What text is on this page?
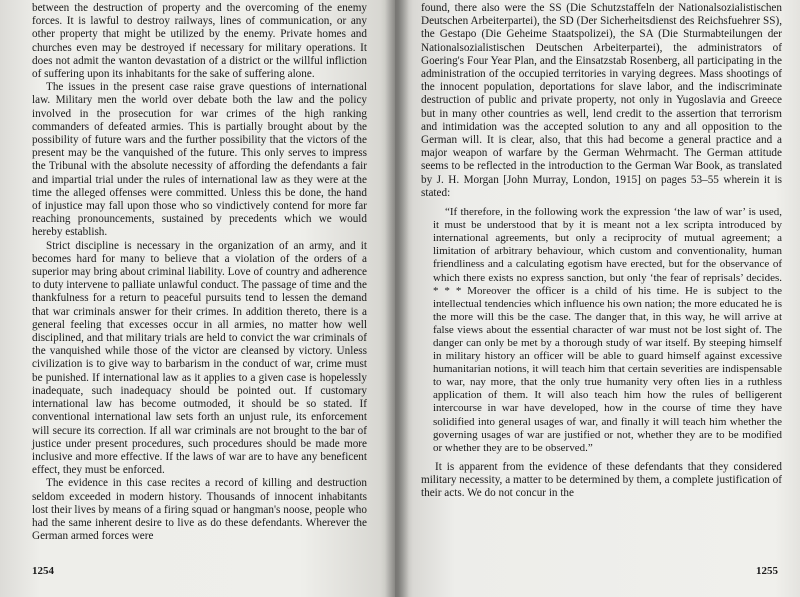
between the destruction of property and the overcoming of the enemy forces. It is lawful to destroy railways, lines of communication, or any other property that might be utilized by the enemy. Private homes and churches even may be destroyed if necessary for military operations. It does not admit the wanton devastation of a district or the willful infliction of suffering upon its inhabitants for the sake of suffering alone.

The issues in the present case raise grave questions of international law. Military men the world over debate both the law and the policy involved in the prosecution for war crimes of the high ranking commanders of defeated armies. This is partially brought about by the possibility of future wars and the further possibility that the victors of the present may be the vanquished of the future. This only serves to impress the Tribunal with the absolute necessity of affording the defendants a fair and impartial trial under the rules of international law as they were at the time the alleged offenses were committed. Unless this be done, the hand of injustice may fall upon those who so vindictively contend for more far reaching pronouncements, sustained by precedents which we would hereby establish.

Strict discipline is necessary in the organization of an army, and it becomes hard for many to believe that a violation of the orders of a superior may bring about criminal liability. Love of country and adherence to duty intervene to palliate unlawful conduct. The passage of time and the thankfulness for a return to peaceful pursuits tend to lessen the demand that war criminals answer for their crimes. In addition thereto, there is a general feeling that excesses occur in all armies, no matter how well disciplined, and that military trials are held to convict the war criminals of the vanquished while those of the victor are cleansed by victory. Unless civilization is to give way to barbarism in the conduct of war, crime must be punished. If international law as it applies to a given case is hopelessly inadequate, such inadequacy should be pointed out. If customary international law has become outmoded, it should be so stated. If conventional international law sets forth an unjust rule, its enforcement will secure its correction. If all war criminals are not brought to the bar of justice under present procedures, such procedures should be made more inclusive and more effective. If the laws of war are to have any beneficent effect, they must be enforced.

The evidence in this case recites a record of killing and destruction seldom exceeded in modern history. Thousands of innocent inhabitants lost their lives by means of a firing squad or hangman's noose, people who had the same inherent desire to live as do these defendants. Wherever the German armed forces were

1254

found, there also were the SS (Die Schutzstaffeln der Nationalsozialistischen Deutschen Arbeiterpartei), the SD (Der Sicherheitsdienst des Reichsfuehrer SS), the Gestapo (Die Geheime Staatspolizei), the SA (Die Sturmabteilungen der Nationalsozialistischen Deutschen Arbeiterpartei), the administrators of Goering's Four Year Plan, and the Einsatzstab Rosenberg, all participating in the administration of the occupied territories in varying degrees. Mass shootings of the innocent population, deportations for slave labor, and the indiscriminate destruction of public and private property, not only in Yugoslavia and Greece but in many other countries as well, lend credit to the assertion that terrorism and intimidation was the accepted solution to any and all opposition to the German will. It is clear, also, that this had become a general practice and a major weapon of warfare by the German Wehrmacht. The German attitude seems to be reflected in the introduction to the German War Book, as translated by J. H. Morgan [John Murray, London, 1915] on pages 53–55 wherein it is stated:

“If therefore, in the following work the expression ‘the law of war’ is used, it must be understood that by it is meant not a lex scripta introduced by international agreements, but only a reciprocity of mutual agreement; a limitation of arbitrary behaviour, which custom and conventionality, human friendliness and a calculating egotism have erected, but for the observance of which there exists no express sanction, but only ‘the fear of reprisals’ decides. * * * Moreover the officer is a child of his time. He is subject to the intellectual tendencies which influence his own nation; the more educated he is the more will this be the case. The danger that, in this way, he will arrive at false views about the essential character of war must not be lost sight of. The danger can only be met by a thorough study of war itself. By steeping himself in military history an officer will be able to guard himself against excessive humanitarian notions, it will teach him that certain severities are indispensable to war, nay more, that the only true humanity very often lies in a ruthless application of them. It will also teach him how the rules of belligerent intercourse in war have developed, how in the course of time they have solidified into general usages of war, and finally it will teach him whether the governing usages of war are justified or not, whether they are to be modified or whether they are to be observed.”

It is apparent from the evidence of these defendants that they considered military necessity, a matter to be determined by them, a complete justification of their acts. We do not concur in the

1255
